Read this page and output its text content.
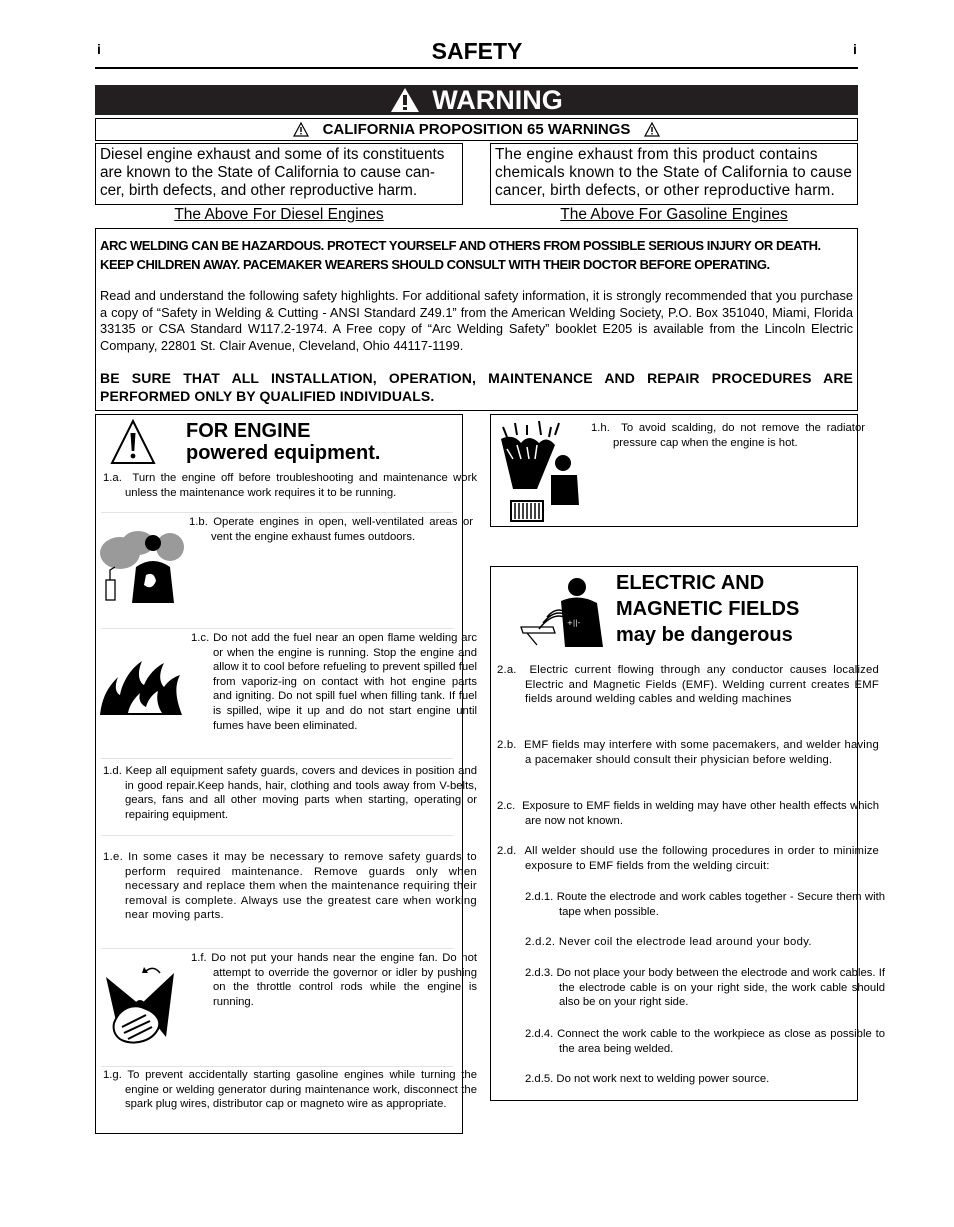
i	i
SAFETY
WARNING
CALIFORNIA PROPOSITION 65 WARNINGS
Diesel engine exhaust and some of its constituents are known to the State of California to cause can-cer, birth defects, and other reproductive harm.
The engine exhaust from this product contains chemicals known to the State of California to cause cancer, birth defects, or other reproductive harm.
The Above For Diesel Engines	The Above For Gasoline Engines

ARC WELDING CAN BE HAZARDOUS. PROTECT YOURSELF AND OTHERS FROM POSSIBLE SERIOUS INJURY OR DEATH.

KEEP CHILDREN AWAY. PACEMAKER WEARERS SHOULD CONSULT WITH THEIR DOCTOR BEFORE OPERATING.

Read and understand the following safety highlights. For additional safety information, it is strongly recommended that you purchase a copy of “Safety in Welding & Cutting - ANSI Standard Z49.1” from the American Welding Society, P.O. Box 351040, Miami, Florida 33135 or CSA Standard W117.2-1974. A Free copy of “Arc Welding Safety” booklet E205 is available from the Lincoln Electric Company, 22801 St. Clair Avenue, Cleveland, Ohio 44117-1199.

BE SURE THAT ALL INSTALLATION, OPERATION, MAINTENANCE AND REPAIR PROCEDURES ARE PERFORMED ONLY BY QUALIFIED INDIVIDUALS.

FOR ENGINE
powered equipment.
1.a. Turn the engine off before troubleshooting and maintenance work unless the maintenance work requires it to be running.
1.b. Operate engines in open, well-ventilated areas or vent the engine exhaust fumes outdoors.
1.c. Do not add the fuel near an open flame welding arc or when the engine is running. Stop the engine and allow it to cool before refueling to prevent spilled fuel from vaporiz-ing on contact with hot engine parts and igniting. Do not spill fuel when filling tank. If fuel is spilled, wipe it up and do not start engine until fumes have been eliminated.
1.d. Keep all equipment safety guards, covers and devices in position and in good repair.Keep hands, hair, clothing and tools away from V-belts, gears, fans and all other moving parts when starting, operating or repairing equipment.
1.e. In some cases it may be necessary to remove safety guards to perform required maintenance. Remove guards only when necessary and replace them when the maintenance requiring their removal is complete. Always use the greatest care when working near moving parts.
1.f. Do not put your hands near the engine fan. Do not attempt to override the governor or idler by pushing on the throttle control rods while the engine is running.
1.g. To prevent accidentally starting gasoline engines while turning the engine or welding generator during maintenance work, disconnect the spark plug wires, distributor cap or magneto wire as appropriate.
1.h. To avoid scalding, do not remove the radiator pressure cap when the engine is hot.
+||-
ELECTRIC AND
MAGNETIC FIELDS
may be dangerous
2.a. Electric current flowing through any conductor causes localized Electric and Magnetic Fields (EMF). Welding current creates EMF fields around welding cables and welding machines
2.b. EMF fields may interfere with some pacemakers, and welder having a pacemaker should consult their physician before welding.
2.c. Exposure to EMF fields in welding may have other health effects which are now not known.
2.d. All welder should use the following procedures in order to minimize exposure to EMF fields from the welding circuit:
2.d.1. Route the electrode and work cables together - Secure them with tape when possible.
2.d.2. Never coil the electrode lead around your body.
2.d.3. Do not place your body between the electrode and work cables. If the electrode cable is on your right side, the work cable should also be on your right side.
2.d.4. Connect the work cable to the workpiece as close as possible to the area being welded.
2.d.5. Do not work next to welding power source.
